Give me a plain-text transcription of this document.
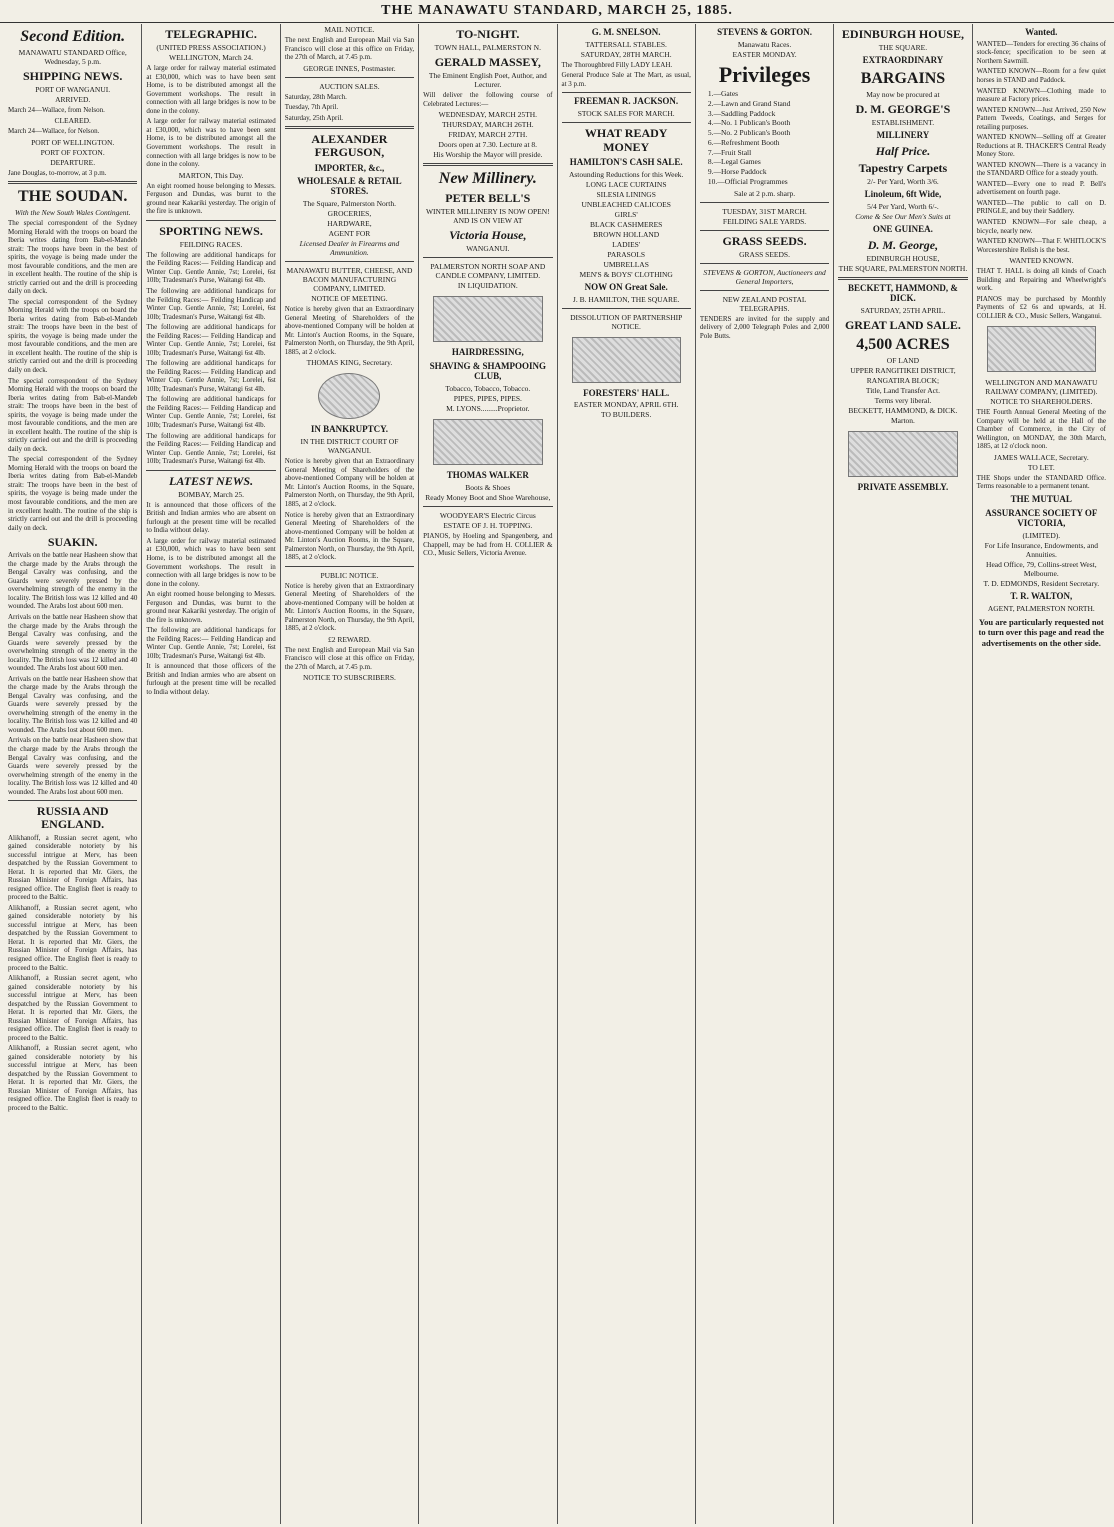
THE MANAWATU STANDARD, MARCH 25, 1885.
Second Edition.
MANAWATU STANDARD Office, Wednesday, 5 p.m.
SHIPPING NEWS.
PORT OF WANGANUI.
ARRIVED.
March 24—Wallace, from Nelson.
CLEARED.
March 24—Wallace, for Nelson.
PORT OF WELLINGTON.
PORT OF FOXTON.
DEPARTURE.
Jane Douglas, to-morrow, at 3 p.m.
THE SOUDAN.
With the New South Wales Contingent.
The special correspondent of the Sydney Morning Herald with the troops on board the Iberia writes dating from Bab-el-Mandeb strait: The troops have been in the best of spirits, the voyage is being made under the most favourable conditions, and the men are in excellent health. The routine of the ship is strictly carried out and the drill is proceeding daily on deck.
The special correspondent of the Sydney Morning Herald with the troops on board the Iberia writes dating from Bab-el-Mandeb strait: The troops have been in the best of spirits, the voyage is being made under the most favourable conditions, and the men are in excellent health. The routine of the ship is strictly carried out and the drill is proceeding daily on deck.
The special correspondent of the Sydney Morning Herald with the troops on board the Iberia writes dating from Bab-el-Mandeb strait: The troops have been in the best of spirits, the voyage is being made under the most favourable conditions, and the men are in excellent health. The routine of the ship is strictly carried out and the drill is proceeding daily on deck.
The special correspondent of the Sydney Morning Herald with the troops on board the Iberia writes dating from Bab-el-Mandeb strait: The troops have been in the best of spirits, the voyage is being made under the most favourable conditions, and the men are in excellent health. The routine of the ship is strictly carried out and the drill is proceeding daily on deck.
SUAKIN.
Arrivals on the battle near Hasheen show that the charge made by the Arabs through the Bengal Cavalry was confusing, and the Guards were severely pressed by the overwhelming strength of the enemy in the locality. The British loss was 12 killed and 40 wounded. The Arabs lost about 600 men.
Arrivals on the battle near Hasheen show that the charge made by the Arabs through the Bengal Cavalry was confusing, and the Guards were severely pressed by the overwhelming strength of the enemy in the locality. The British loss was 12 killed and 40 wounded. The Arabs lost about 600 men.
Arrivals on the battle near Hasheen show that the charge made by the Arabs through the Bengal Cavalry was confusing, and the Guards were severely pressed by the overwhelming strength of the enemy in the locality. The British loss was 12 killed and 40 wounded. The Arabs lost about 600 men.
Arrivals on the battle near Hasheen show that the charge made by the Arabs through the Bengal Cavalry was confusing, and the Guards were severely pressed by the overwhelming strength of the enemy in the locality. The British loss was 12 killed and 40 wounded. The Arabs lost about 600 men.
RUSSIA AND ENGLAND.
Alikhanoff, a Russian secret agent, who gained considerable notoriety by his successful intrigue at Merv, has been despatched by the Russian Government to Herat. It is reported that Mr. Giers, the Russian Minister of Foreign Affairs, has resigned office. The English fleet is ready to proceed to the Baltic.
Alikhanoff, a Russian secret agent, who gained considerable notoriety by his successful intrigue at Merv, has been despatched by the Russian Government to Herat. It is reported that Mr. Giers, the Russian Minister of Foreign Affairs, has resigned office. The English fleet is ready to proceed to the Baltic.
Alikhanoff, a Russian secret agent, who gained considerable notoriety by his successful intrigue at Merv, has been despatched by the Russian Government to Herat. It is reported that Mr. Giers, the Russian Minister of Foreign Affairs, has resigned office. The English fleet is ready to proceed to the Baltic.
Alikhanoff, a Russian secret agent, who gained considerable notoriety by his successful intrigue at Merv, has been despatched by the Russian Government to Herat. It is reported that Mr. Giers, the Russian Minister of Foreign Affairs, has resigned office. The English fleet is ready to proceed to the Baltic.
TELEGRAPHIC.
(UNITED PRESS ASSOCIATION.)
WELLINGTON, March 24.
A large order for railway material estimated at £30,000, which was to have been sent Home, is to be distributed amongst all the Government workshops. The result in connection with all large bridges is now to be done in the colony.
A large order for railway material estimated at £30,000, which was to have been sent Home, is to be distributed amongst all the Government workshops. The result in connection with all large bridges is now to be done in the colony.
MARTON, This Day.
An eight roomed house belonging to Messrs. Ferguson and Dundas, was burnt to the ground near Kakariki yesterday. The origin of the fire is unknown.
SPORTING NEWS.
FEILDING RACES.
The following are additional handicaps for the Feilding Races:— Feilding Handicap and Winter Cup. Gentle Annie, 7st; Lorelei, 6st 10lb; Tradesman's Purse, Waitangi 6st 4lb.
The following are additional handicaps for the Feilding Races:— Feilding Handicap and Winter Cup. Gentle Annie, 7st; Lorelei, 6st 10lb; Tradesman's Purse, Waitangi 6st 4lb.
The following are additional handicaps for the Feilding Races:— Feilding Handicap and Winter Cup. Gentle Annie, 7st; Lorelei, 6st 10lb; Tradesman's Purse, Waitangi 6st 4lb.
The following are additional handicaps for the Feilding Races:— Feilding Handicap and Winter Cup. Gentle Annie, 7st; Lorelei, 6st 10lb; Tradesman's Purse, Waitangi 6st 4lb.
The following are additional handicaps for the Feilding Races:— Feilding Handicap and Winter Cup. Gentle Annie, 7st; Lorelei, 6st 10lb; Tradesman's Purse, Waitangi 6st 4lb.
The following are additional handicaps for the Feilding Races:— Feilding Handicap and Winter Cup. Gentle Annie, 7st; Lorelei, 6st 10lb; Tradesman's Purse, Waitangi 6st 4lb.
LATEST NEWS.
BOMBAY, March 25.
It is announced that those officers of the British and Indian armies who are absent on furlough at the present time will be recalled to India without delay.
A large order for railway material estimated at £30,000, which was to have been sent Home, is to be distributed amongst all the Government workshops. The result in connection with all large bridges is now to be done in the colony.
An eight roomed house belonging to Messrs. Ferguson and Dundas, was burnt to the ground near Kakariki yesterday. The origin of the fire is unknown.
The following are additional handicaps for the Feilding Races:— Feilding Handicap and Winter Cup. Gentle Annie, 7st; Lorelei, 6st 10lb; Tradesman's Purse, Waitangi 6st 4lb.
It is announced that those officers of the British and Indian armies who are absent on furlough at the present time will be recalled to India without delay.
MAIL NOTICE.
The next English and European Mail via San Francisco will close at this office on Friday, the 27th of March, at 7.45 p.m.
GEORGE INNES, Postmaster.
AUCTION SALES.
Saturday, 28th March.
Tuesday, 7th April.
Saturday, 25th April.
ALEXANDER FERGUSON,
IMPORTER, &c.,
WHOLESALE & RETAIL STORES.
The Square, Palmerston North.
GROCERIES,
HARDWARE,
AGENT FOR
Licensed Dealer in Firearms and Ammunition.
MANAWATU BUTTER, CHEESE, AND BACON MANUFACTURING COMPANY, LIMITED.
NOTICE OF MEETING.
Notice is hereby given that an Extraordinary General Meeting of Shareholders of the above-mentioned Company will be holden at Mr. Linton's Auction Rooms, in the Square, Palmerston North, on Thursday, the 9th April, 1885, at 2 o'clock.
THOMAS KING, Secretary.
IN BANKRUPTCY.
IN THE DISTRICT COURT OF WANGANUI.
Notice is hereby given that an Extraordinary General Meeting of Shareholders of the above-mentioned Company will be holden at Mr. Linton's Auction Rooms, in the Square, Palmerston North, on Thursday, the 9th April, 1885, at 2 o'clock.
Notice is hereby given that an Extraordinary General Meeting of Shareholders of the above-mentioned Company will be holden at Mr. Linton's Auction Rooms, in the Square, Palmerston North, on Thursday, the 9th April, 1885, at 2 o'clock.
PUBLIC NOTICE.
Notice is hereby given that an Extraordinary General Meeting of Shareholders of the above-mentioned Company will be holden at Mr. Linton's Auction Rooms, in the Square, Palmerston North, on Thursday, the 9th April, 1885, at 2 o'clock.
£2 REWARD.
The next English and European Mail via San Francisco will close at this office on Friday, the 27th of March, at 7.45 p.m.
NOTICE TO SUBSCRIBERS.
TO-NIGHT.
TOWN HALL, PALMERSTON N.
GERALD MASSEY,
The Eminent English Poet, Author, and Lecturer.
Will deliver the following course of Celebrated Lectures:—
WEDNESDAY, MARCH 25TH.
THURSDAY, MARCH 26TH.
FRIDAY, MARCH 27TH.
Doors open at 7.30. Lecture at 8.
His Worship the Mayor will preside.
New Millinery.
PETER BELL'S
WINTER MILLINERY IS NOW OPEN! AND IS ON VIEW AT
Victoria House,
WANGANUI.
PALMERSTON NORTH SOAP AND CANDLE COMPANY, LIMITED.
IN LIQUIDATION.
HAIRDRESSING,
SHAVING & SHAMPOOING CLUB,
Tobacco, Tobacco, Tobacco.
PIPES, PIPES, PIPES.
M. LYONS.........Proprietor.
THOMAS WALKER
Boots & Shoes
Ready Money Boot and Shoe Warehouse,
WOODYEAR'S Electric Circus
ESTATE OF J. H. TOPPING.
PIANOS, by Hoeling and Spangenberg, and Chappell, may be had from H. COLLIER & CO., Music Sellers, Victoria Avenue.
G. M. SNELSON.
TATTERSALL STABLES.
SATURDAY, 28TH MARCH.
The Thoroughbred Filly LADY LEAH.
General Produce Sale at The Mart, as usual, at 3 p.m.
FREEMAN R. JACKSON.
STOCK SALES FOR MARCH.
WHAT READY MONEY
HAMILTON'S CASH SALE.
Astounding Reductions for this Week.
LONG LACE CURTAINS
SILESIA LININGS
UNBLEACHED CALICOES
GIRLS'
BLACK CASHMERES
BROWN HOLLAND
LADIES'
PARASOLS
UMBRELLAS
MEN'S & BOYS' CLOTHING
NOW ON Great Sale.
J. B. HAMILTON, THE SQUARE.
DISSOLUTION OF PARTNERSHIP NOTICE.
FORESTERS' HALL.
EASTER MONDAY, APRIL 6TH.
TO BUILDERS.
STEVENS & GORTON.
Manawatu Races.
EASTER MONDAY.
Privileges
1.—Gates
2.—Lawn and Grand Stand
3.—Saddling Paddock
4.—No. 1 Publican's Booth
5.—No. 2 Publican's Booth
6.—Refreshment Booth
7.—Fruit Stall
8.—Legal Games
9.—Horse Paddock
10.—Official Programmes
Sale at 2 p.m. sharp.
TUESDAY, 31ST MARCH.
FEILDING SALE YARDS.
GRASS SEEDS.
GRASS SEEDS.
STEVENS & GORTON, Auctioneers and General Importers,
NEW ZEALAND POSTAL TELEGRAPHS.
TENDERS are invited for the supply and delivery of 2,000 Telegraph Poles and 2,000 Pole Butts.
EDINBURGH HOUSE,
THE SQUARE.
EXTRAORDINARY
BARGAINS
May now be procured at
D. M. GEORGE'S
ESTABLISHMENT.
MILLINERY
Half Price.
Tapestry Carpets
2/- Per Yard, Worth 3/6.
Linoleum, 6ft Wide,
5/4 Per Yard, Worth 6/-.
Come & See Our Men's Suits at
ONE GUINEA.
D. M. George,
EDINBURGH HOUSE,
THE SQUARE, PALMERSTON NORTH.
BECKETT, HAMMOND, & DICK.
SATURDAY, 25TH APRIL.
GREAT LAND SALE.
4,500 ACRES
OF LAND
UPPER RANGITIKEI DISTRICT,
RANGATIRA BLOCK;
Title, Land Transfer Act.
Terms very liberal.
BECKETT, HAMMOND, & DICK.
Marton.
PRIVATE ASSEMBLY.
Wanted.
WANTED—Tenders for erecting 36 chains of stock-fence; specification to be seen at Northern Sawmill.
WANTED KNOWN—Room for a few quiet horses in STAND and Paddock.
WANTED KNOWN—Clothing made to measure at Factory prices.
WANTED KNOWN—Just Arrived, 250 New Pattern Tweeds, Coatings, and Serges for retailing purposes.
WANTED KNOWN—Selling off at Greater Reductions at R. THACKER'S Central Ready Money Store.
WANTED KNOWN—There is a vacancy in the STANDARD Office for a steady youth.
WANTED—Every one to read P. Bell's advertisement on fourth page.
WANTED—The public to call on D. PRINGLE, and buy their Saddlery.
WANTED KNOWN—For sale cheap, a bicycle, nearly new.
WANTED KNOWN—That F. WHITLOCK'S Worcestershire Relish is the best.
WANTED KNOWN.
THAT T. HALL is doing all kinds of Coach Building and Repairing and Wheelwright's work.
PIANOS may be purchased by Monthly Payments of £2 6s and upwards, at H. COLLIER & CO., Music Sellers, Wanganui.
WELLINGTON AND MANAWATU RAILWAY COMPANY, (LIMITED).
NOTICE TO SHAREHOLDERS.
THE Fourth Annual General Meeting of the Company will be held at the Hall of the Chamber of Commerce, in the City of Wellington, on MONDAY, the 30th March, 1885, at 12 o'clock noon.
JAMES WALLACE, Secretary.
TO LET.
THE Shops under the STANDARD Office. Terms reasonable to a permanent tenant.
THE MUTUAL
ASSURANCE SOCIETY OF VICTORIA,
(LIMITED).
For Life Insurance, Endowments, and Annuities.
Head Office, 79, Collins-street West, Melbourne.
T. D. EDMONDS, Resident Secretary.
T. R. WALTON,
AGENT, PALMERSTON NORTH.
You are particularly requested not to turn over this page and read the advertisements on the other side.
